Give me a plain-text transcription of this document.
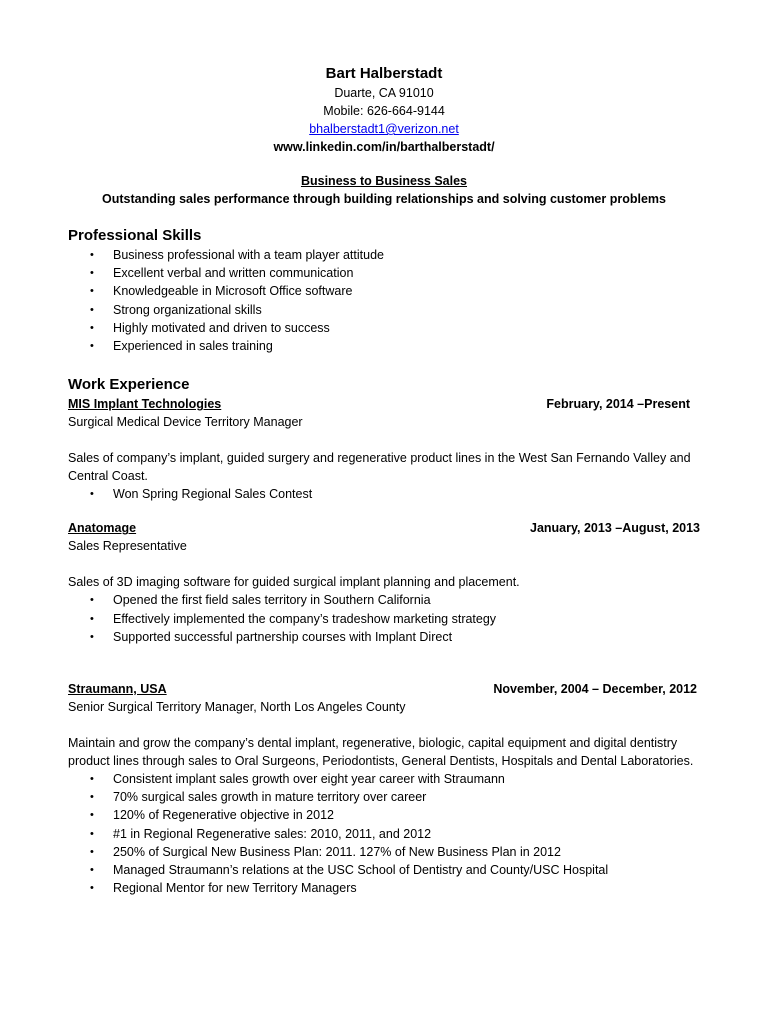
Bart Halberstadt
Duarte, CA 91010
Mobile: 626-664-9144
bhalberstadt1@verizon.net
www.linkedin.com/in/barthalberstadt/
Business to Business Sales
Outstanding sales performance through building relationships and solving customer problems
Professional Skills
• Business professional with a team player attitude
• Excellent verbal and written communication
• Knowledgeable in Microsoft Office software
• Strong organizational skills
• Highly motivated and driven to success
• Experienced in sales training
Work Experience
MIS Implant Technologies	February, 2014 –Present
Surgical Medical Device Territory Manager
Sales of company’s implant, guided surgery and regenerative product lines in the West San Fernando Valley and Central Coast.
• Won Spring Regional Sales Contest
Anatomage	January, 2013 –August, 2013
Sales Representative
Sales of 3D imaging software for guided surgical implant planning and placement.
• Opened the first field sales territory in Southern California
• Effectively implemented the company’s tradeshow marketing strategy
• Supported successful partnership courses with Implant Direct
Straumann, USA	November, 2004 – December, 2012
Senior Surgical Territory Manager, North Los Angeles County
Maintain and grow the company’s dental implant, regenerative, biologic, capital equipment and digital dentistry product lines through sales to Oral Surgeons, Periodontists, General Dentists, Hospitals and Dental Laboratories.
• Consistent implant sales growth over eight year career with Straumann
• 70% surgical sales growth in mature territory over career
• 120% of Regenerative objective in 2012
• #1 in Regional Regenerative sales: 2010, 2011, and 2012
• 250% of Surgical New Business Plan: 2011. 127% of New Business Plan in 2012
• Managed Straumann’s relations at the USC School of Dentistry and County/USC Hospital
• Regional Mentor for new Territory Managers
